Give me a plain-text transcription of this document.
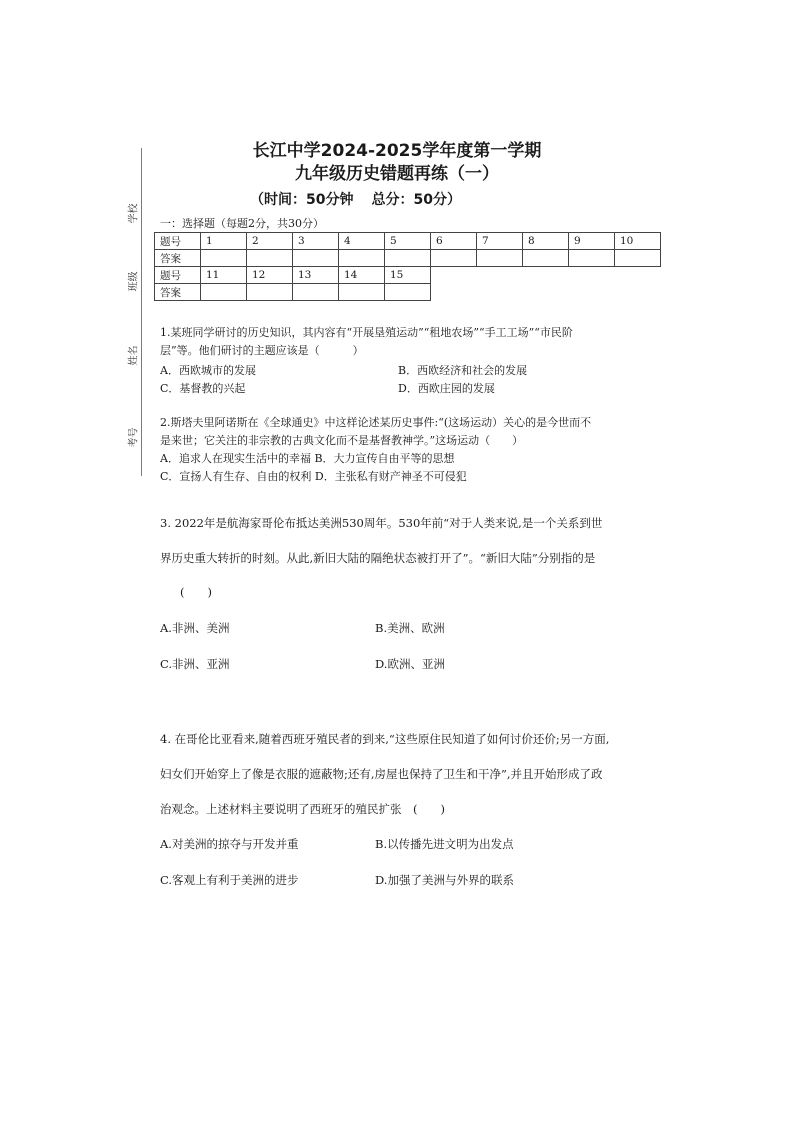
学校
班级
姓名
考号
长江中学2024-2025学年度第一学期
九年级历史错题再练（一）
（时间：50分钟 总分：50分）
一：选择题（每题2分，共30分）
题号	1	2	3	4	5	6	7	8	9	10
答案										
题号	11	12	13	14	15					
答案										
1.某班同学研讨的历史知识，其内容有“开展垦殖运动”“租地农场”“手工工场”“市民阶
层”等。他们研讨的主题应该是（　　　）
A．西欧城市的发展	B．西欧经济和社会的发展
C．基督教的兴起	D．西欧庄园的发展
2.斯塔夫里阿诺斯在《全球通史》中这样论述某历史事件:“(这场运动）关心的是今世而不
是来世；它关注的非宗教的古典文化而不是基督教神学。”这场运动（　　）
A．追求人在现实生活中的幸福 B．大力宣传自由平等的思想
C．宣扬人有生存、自由的权利 D．主张私有财产神圣不可侵犯
3. 2022年是航海家哥伦布抵达美洲530周年。530年前“对于人类来说,是一个关系到世
界历史重大转折的时刻。从此,新旧大陆的隔绝状态被打开了”。“新旧大陆”分别指的是
(　　)
A.非洲、美洲	B.美洲、欧洲
C.非洲、亚洲	D.欧洲、亚洲
4. 在哥伦比亚看来,随着西班牙殖民者的到来,“这些原住民知道了如何讨价还价;另一方面,
妇女们开始穿上了像是衣服的遮蔽物;还有,房屋也保持了卫生和干净”,并且开始形成了政
治观念。上述材料主要说明了西班牙的殖民扩张　(　　)
A.对美洲的掠夺与开发并重	B.以传播先进文明为出发点
C.客观上有利于美洲的进步	D.加强了美洲与外界的联系
